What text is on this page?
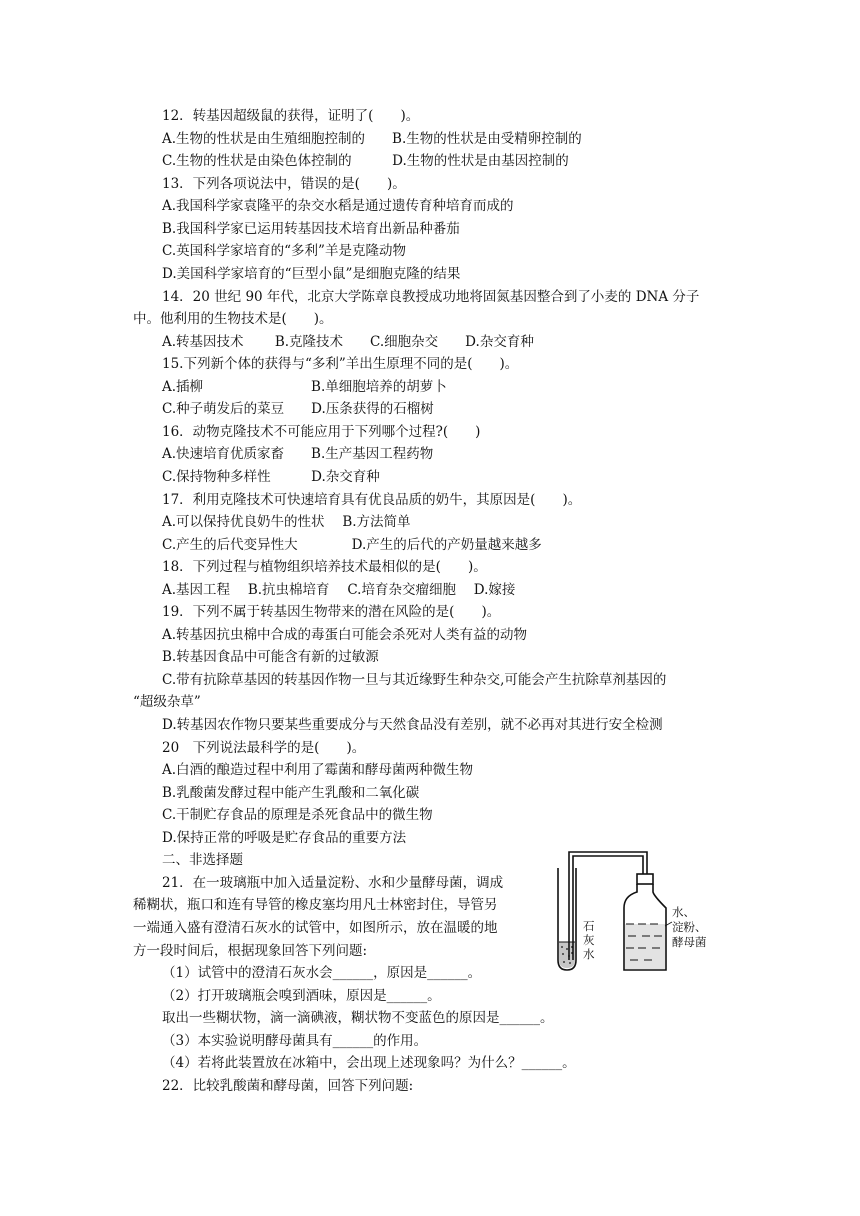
12．转基因超级鼠的获得，证明了(　　)。
A.生物的性状是由生殖细胞控制的　　B.生物的性状是由受精卵控制的
C.生物的性状是由染色体控制的　　　D.生物的性状是由基因控制的
13．下列各项说法中，错误的是(　　)。
A.我国科学家袁隆平的杂交水稻是通过遗传育种培育而成的
B.我国科学家已运用转基因技术培育出新品种番茄
C.英国科学家培育的“多利”羊是克隆动物
D.美国科学家培育的“巨型小鼠”是细胞克隆的结果
14．20 世纪 90 年代，北京大学陈章良教授成功地将固氮基因整合到了小麦的 DNA 分子
中。他利用的生物技术是(　　)。
A.转基因技术　　 B.克隆技术　　C.细胞杂交　　D.杂交育种
15.下列新个体的获得与“多利”羊出生原理不同的是(　　)。
A.插柳　　　　　　　　B.单细胞培养的胡萝卜
C.种子萌发后的菜豆　　D.压条获得的石榴树
16．动物克隆技术不可能应用于下列哪个过程?(　　)
A.快速培育优质家畜　　B.生产基因工程药物
C.保持物种多样性　　　D.杂交育种
17．利用克隆技术可快速培育具有优良品质的奶牛，其原因是(　　)。
A.可以保持优良奶牛的性状　 B.方法简单
C.产生的后代变异性大　　　　D.产生的后代的产奶量越来越多
18．下列过程与植物组织培养技术最相似的是(　　)。
A.基因工程　 B.抗虫棉培育　 C.培育杂交瘤细胞　 D.嫁接
19．下列不属于转基因生物带来的潜在风险的是(　　)。
A.转基因抗虫棉中合成的毒蛋白可能会杀死对人类有益的动物
B.转基因食品中可能含有新的过敏源
C.带有抗除草基因的转基因作物一旦与其近缘野生种杂交,可能会产生抗除草剂基因的
“超级杂草”
D.转基因农作物只要某些重要成分与天然食品没有差别，就不必再对其进行安全检测
20　下列说法最科学的是(　　)。
A.白酒的酿造过程中利用了霉菌和酵母菌两种微生物
B.乳酸菌发酵过程中能产生乳酸和二氧化碳
C.干制贮存食品的原理是杀死食品中的微生物
D.保持正常的呼吸是贮存食品的重要方法
二、非选择题
21．在一玻璃瓶中加入适量淀粉、水和少量酵母菌，调成
稀糊状，瓶口和连有导管的橡皮塞均用凡士林密封住，导管另
一端通入盛有澄清石灰水的试管中，如图所示，放在温暖的地
方一段时间后，根据现象回答下列问题:
（1）试管中的澄清石灰水会______，原因是______。
（2）打开玻璃瓶会嗅到酒味，原因是______。
取出一些糊状物，滴一滴碘液，糊状物不变蓝色的原因是______。
（3）本实验说明酵母菌具有______的作用。
（4）若将此装置放在冰箱中，会出现上述现象吗？为什么？______。
22．比较乳酸菌和酵母菌，回答下列问题:
石
灰
水
水、
淀粉、
酵母菌
